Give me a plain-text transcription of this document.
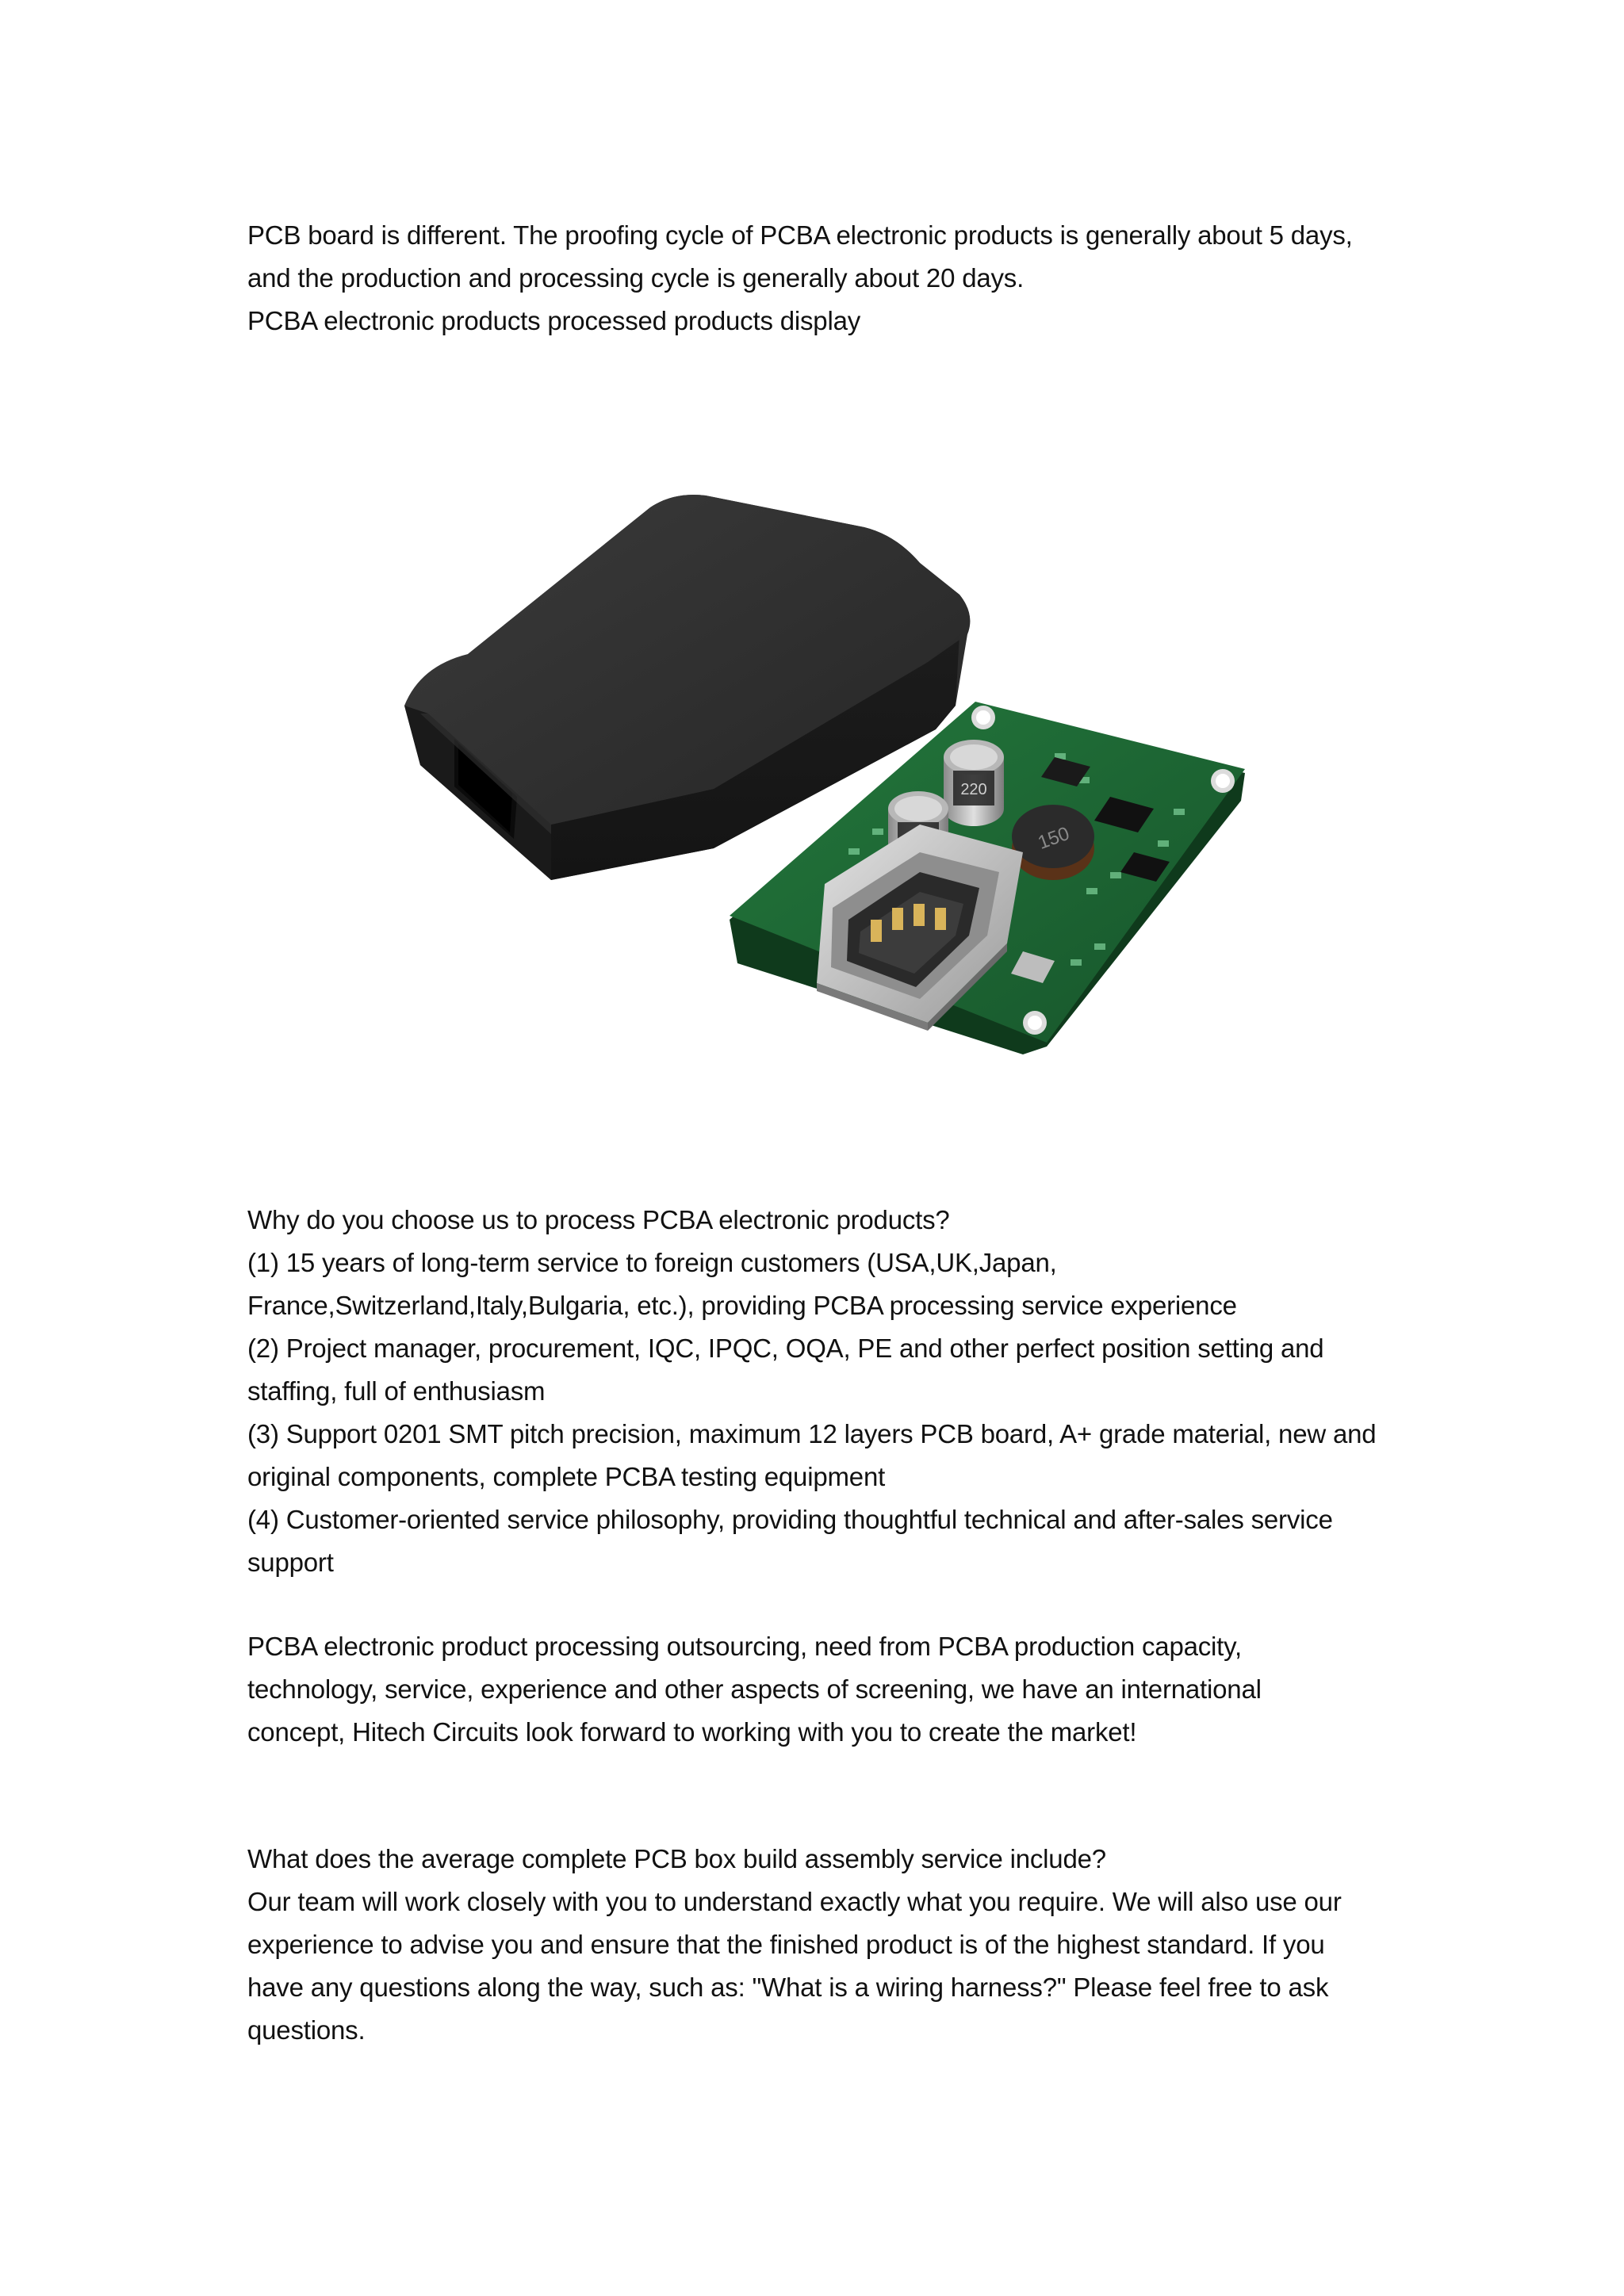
PCB board is different. The proofing cycle of PCBA electronic products is generally about 5 days,
and the production and processing cycle is generally about 20 days.
PCBA electronic products processed products display
150
220
Why do you choose us to process PCBA electronic products?
(1) 15 years of long-term service to foreign customers (USA,UK,Japan,
France,Switzerland,Italy,Bulgaria, etc.), providing PCBA processing service experience
(2) Project manager, procurement, IQC, IPQC, OQA, PE and other perfect position setting and
staffing, full of enthusiasm
(3) Support 0201 SMT pitch precision, maximum 12 layers PCB board, A+ grade material, new and
original components, complete PCBA testing equipment
(4) Customer-oriented service philosophy, providing thoughtful technical and after-sales service
support
PCBA electronic product processing outsourcing, need from PCBA production capacity,
technology, service, experience and other aspects of screening, we have an international
concept, Hitech Circuits look forward to working with you to create the market!
What does the average complete PCB box build assembly service include?
Our team will work closely with you to understand exactly what you require. We will also use our
experience to advise you and ensure that the finished product is of the highest standard. If you
have any questions along the way, such as: "What is a wiring harness?" Please feel free to ask
questions.
